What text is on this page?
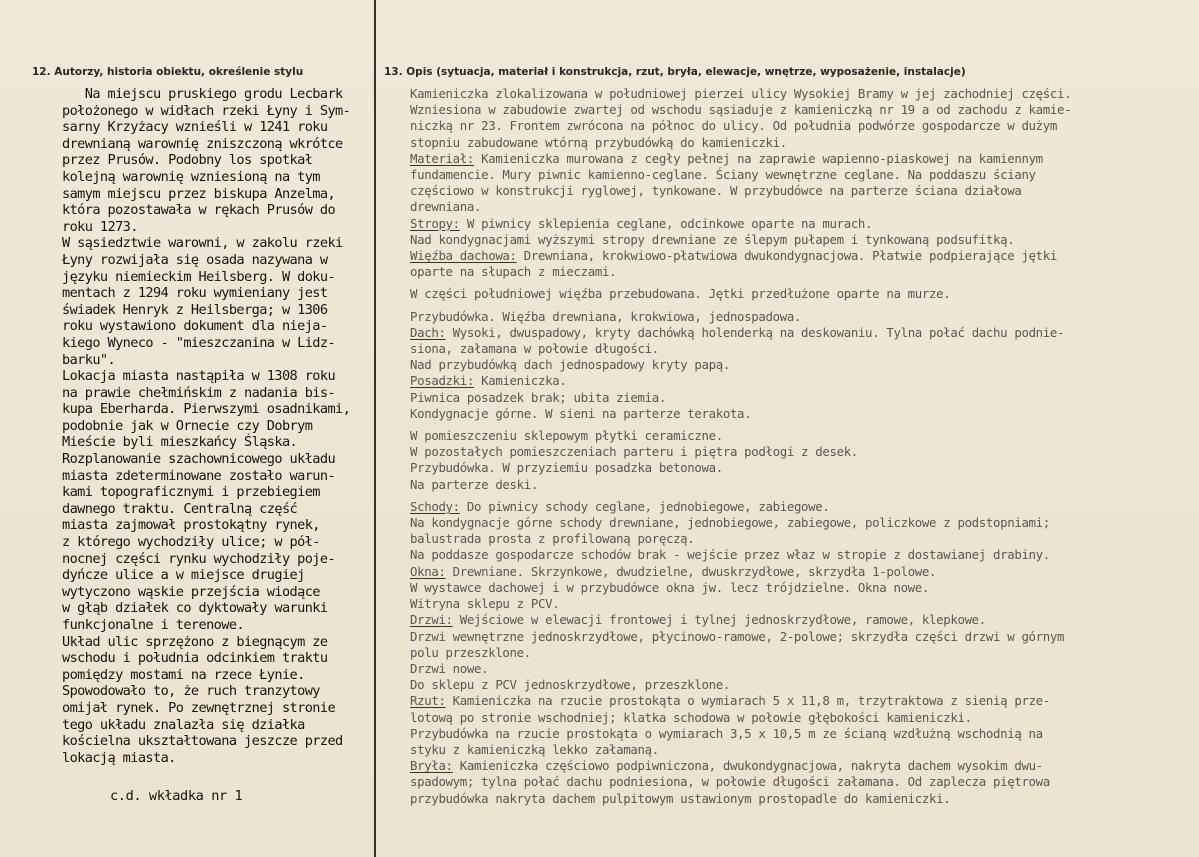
12. Autorzy, historia obiektu, określenie stylu	13. Opis (sytuacja, materiał i konstrukcja, rzut, bryła, elewacje, wnętrze, wyposażenie, instalacje)
Na miejscu pruskiego grodu Lecbark
położonego w widłach rzeki Łyny i Sym-
sarny Krzyżacy wznieśli w 1241 roku
drewnianą warownię zniszczoną wkrótce
przez Prusów. Podobny los spotkał
kolejną warownię wzniesioną na tym
samym miejscu przez biskupa Anzelma,
która pozostawała w rękach Prusów do
roku 1273.
W sąsiedztwie warowni, w zakolu rzeki
Łyny rozwijała się osada nazywana w
języku niemieckim Heilsberg. W doku-
mentach z 1294 roku wymieniany jest
świadek Henryk z Heilsberga; w 1306
roku wystawiono dokument dla nieja-
kiego Wyneco - "mieszczanina w Lidz-
barku".
Lokacja miasta nastąpiła w 1308 roku
na prawie chełmińskim z nadania bis-
kupa Eberharda. Pierwszymi osadnikami,
podobnie jak w Ornecie czy Dobrym
Mieście byli mieszkańcy Śląska.
Rozplanowanie szachownicowego układu
miasta zdeterminowane zostało warun-
kami topograficznymi i przebiegiem
dawnego traktu. Centralną część
miasta zajmował prostokątny rynek,
z którego wychodziły ulice; w pół-
nocnej części rynku wychodziły poje-
dyńcze ulice a w miejsce drugiej
wytyczono wąskie przejścia wiodące
w głąb działek co dyktowały warunki
funkcjonalne i terenowe.
Układ ulic sprzężono z biegnącym ze
wschodu i południa odcinkiem traktu
pomiędzy mostami na rzece Łynie.
Spowodowało to, że ruch tranzytowy
omijał rynek. Po zewnętrznej stronie
tego układu znalazła się działka
kościelna ukształtowana jeszcze przed
lokacją miasta.
c.d. wkładka nr 1
Kamieniczka zlokalizowana w południowej pierzei ulicy Wysokiej Bramy w jej zachodniej części.
Wzniesiona w zabudowie zwartej od wschodu sąsiaduje z kamieniczką nr 19 a od zachodu z kamie-
niczką nr 23. Frontem zwrócona na północ do ulicy. Od południa podwórze gospodarcze w dużym
stopniu zabudowane wtórną przybudówką do kamieniczki.
Materiał: Kamieniczka murowana z cegły pełnej na zaprawie wapienno-piaskowej na kamiennym
fundamencie. Mury piwnic kamienno-ceglane. Ściany wewnętrzne ceglane. Na poddaszu ściany
częściowo w konstrukcji ryglowej, tynkowane. W przybudówce na parterze ściana działowa
drewniana.
Stropy: W piwnicy sklepienia ceglane, odcinkowe oparte na murach.
Nad kondygnacjami wyższymi stropy drewniane ze ślepym pułapem i tynkowaną podsufitką.
Więźba dachowa: Drewniana, krokwiowo-płatwiowa dwukondygnacjowa. Płatwie podpierające jętki
oparte na słupach z mieczami.
W części południowej więźba przebudowana. Jętki przedłużone oparte na murze.
Przybudówka. Więźba drewniana, krokwiowa, jednospadowa.
Dach: Wysoki, dwuspadowy, kryty dachówką holenderką na deskowaniu. Tylna połać dachu podnie-
siona, załamana w połowie długości.
Nad przybudówką dach jednospadowy kryty papą.
Posadzki: Kamieniczka.
Piwnica posadzek brak; ubita ziemia.
Kondygnacje górne. W sieni na parterze terakota.
W pomieszczeniu sklepowym płytki ceramiczne.
W pozostałych pomieszczeniach parteru i piętra podłogi z desek.
Przybudówka. W przyziemiu posadzka betonowa.
Na parterze deski.
Schody: Do piwnicy schody ceglane, jednobiegowe, zabiegowe.
Na kondygnacje górne schody drewniane, jednobiegowe, zabiegowe, policzkowe z podstopniami;
balustrada prosta z profilowaną poręczą.
Na poddasze gospodarcze schodów brak - wejście przez właz w stropie z dostawianej drabiny.
Okna: Drewniane. Skrzynkowe, dwudzielne, dwuskrzydłowe, skrzydła 1-polowe.
W wystawce dachowej i w przybudówce okna jw. lecz trójdzielne. Okna nowe.
Witryna sklepu z PCV.
Drzwi: Wejściowe w elewacji frontowej i tylnej jednoskrzydłowe, ramowe, klepkowe.
Drzwi wewnętrzne jednoskrzydłowe, płycinowo-ramowe, 2-polowe; skrzydła części drzwi w górnym
polu przeszklone.
Drzwi nowe.
Do sklepu z PCV jednoskrzydłowe, przeszklone.
Rzut: Kamieniczka na rzucie prostokąta o wymiarach 5 x 11,8 m, trzytraktowa z sienią prze-
lotową po stronie wschodniej; klatka schodowa w połowie głębokości kamieniczki.
Przybudówka na rzucie prostokąta o wymiarach 3,5 x 10,5 m ze ścianą wzdłużną wschodnią na
styku z kamieniczką lekko załamaną.
Bryła: Kamieniczka częściowo podpiwniczona, dwukondygnacjowa, nakryta dachem wysokim dwu-
spadowym; tylna połać dachu podniesiona, w połowie długości załamana. Od zaplecza piętrowa
przybudówka nakryta dachem pulpitowym ustawionym prostopadle do kamieniczki.
